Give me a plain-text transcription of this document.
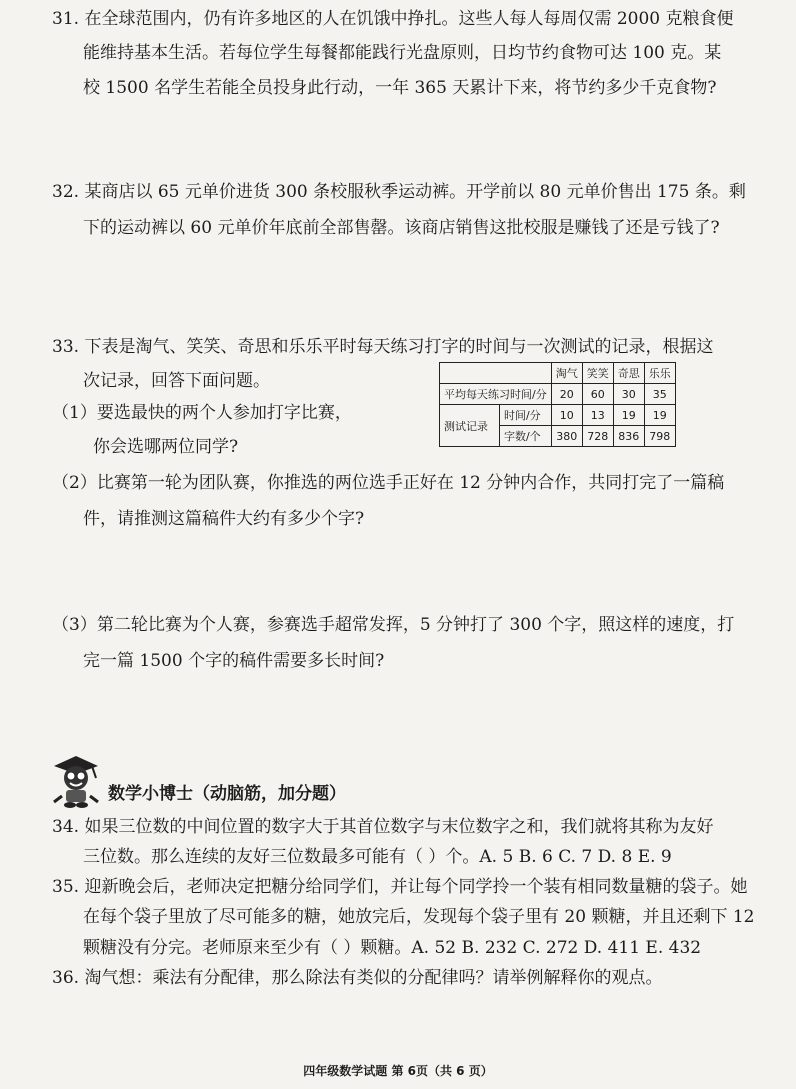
31. 在全球范围内，仍有许多地区的人在饥饿中挣扎。这些人每人每周仅需 2000 克粮食便
能维持基本生活。若每位学生每餐都能践行光盘原则，日均节约食物可达 100 克。某
校 1500 名学生若能全员投身此行动，一年 365 天累计下来，将节约多少千克食物?
32. 某商店以 65 元单价进货 300 条校服秋季运动裤。开学前以 80 元单价售出 175 条。剩
下的运动裤以 60 元单价年底前全部售罄。该商店销售这批校服是赚钱了还是亏钱了?
33. 下表是淘气、笑笑、奇思和乐乐平时每天练习打字的时间与一次测试的记录，根据这
次记录，回答下面问题。
（1）要选最快的两个人参加打字比赛，
你会选哪两位同学?
（2）比赛第一轮为团队赛，你推选的两位选手正好在 12 分钟内合作，共同打完了一篇稿
件，请推测这篇稿件大约有多少个字?
（3）第二轮比赛为个人赛，参赛选手超常发挥，5 分钟打了 300 个字，照这样的速度，打
完一篇 1500 个字的稿件需要多长时间?
		淘气	笑笑	奇思	乐乐
平均每天练习时间/分		20	60	30	35
测试记录	时间/分	10	13	19	19
	字数/个	380	728	836	798
数学小博士（动脑筋，加分题）
34. 如果三位数的中间位置的数字大于其首位数字与末位数字之和，我们就将其称为友好
三位数。那么连续的友好三位数最多可能有（ ）个。A. 5 B. 6 C. 7 D. 8 E. 9
35. 迎新晚会后，老师决定把糖分给同学们，并让每个同学拎一个装有相同数量糖的袋子。她
在每个袋子里放了尽可能多的糖，她放完后，发现每个袋子里有 20 颗糖，并且还剩下 12
颗糖没有分完。老师原来至少有（ ）颗糖。A. 52 B. 232 C. 272 D. 411 E. 432
36. 淘气想：乘法有分配律，那么除法有类似的分配律吗？请举例解释你的观点。
四年级数学试题 第 6页（共 6 页）
